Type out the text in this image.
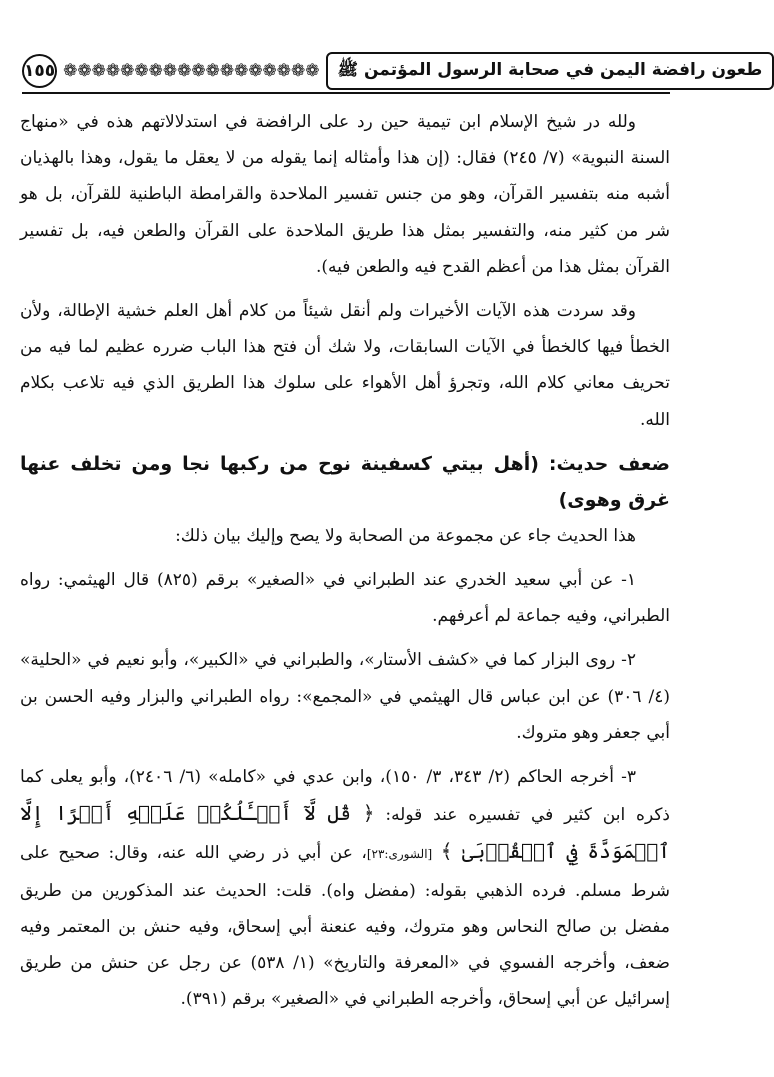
١٥٥ ❁❁❁❁❁❁❁❁❁❁❁❁❁❁❁❁❁❁	طعون رافضة اليمن في صحابة الرسول المؤتمن ﷺ

ولله در شيخ الإسلام ابن تيمية حين رد على الرافضة في استدلالاتهم هذه في «منهاج السنة النبوية» (٧/ ٢٤٥) فقال: (إن هذا وأمثاله إنما يقوله من لا يعقل ما يقول، وهذا بالهذيان أشبه منه بتفسير القرآن، وهو من جنس تفسير الملاحدة والقرامطة الباطنية للقرآن، بل هو شر من كثير منه، والتفسير بمثل هذا طريق الملاحدة على القرآن والطعن فيه، بل تفسير القرآن بمثل هذا من أعظم القدح فيه والطعن فيه).

وقد سردت هذه الآيات الأخيرات ولم أنقل شيئاً من كلام أهل العلم خشية الإطالة، ولأن الخطأ فيها كالخطأ في الآيات السابقات، ولا شك أن فتح هذا الباب ضرره عظيم لما فيه من تحريف معاني كلام الله، وتجرؤ أهل الأهواء على سلوك هذا الطريق الذي فيه تلاعب بكلام الله.

ضعف حديث: (أهل بيتي كسفينة نوح من ركبها نجا ومن تخلف عنها غرق وهوى)

هذا الحديث جاء عن مجموعة من الصحابة ولا يصح وإليك بيان ذلك:

١- عن أبي سعيد الخدري عند الطبراني في «الصغير» برقم (٨٢٥) قال الهيثمي: رواه الطبراني، وفيه جماعة لم أعرفهم.

٢- روى البزار كما في «كشف الأستار»، والطبراني في «الكبير»، وأبو نعيم في «الحلية» (٤/ ٣٠٦) عن ابن عباس قال الهيثمي في «المجمع»: رواه الطبراني والبزار وفيه الحسن بن أبي جعفر وهو متروك.

٣- أخرجه الحاكم (٢/ ٣٤٣، ٣/ ١٥٠)، وابن عدي في «كامله» (٦/ ٢٤٠٦)، وأبو يعلى كما ذكره ابن كثير في تفسيره عند قوله: ﴿ قُل لَّآ أَسۡـَٔلُكُمۡ عَلَيۡهِ أَجۡرًا إِلَّا ٱلۡمَوَدَّةَ فِي ٱلۡقُرۡبَىٰ ﴾ [الشورى:٢٣]، عن أبي ذر رضي الله عنه، وقال: صحيح على شرط مسلم. فرده الذهبي بقوله: (مفضل واه). قلت: الحديث عند المذكورين من طريق مفضل بن صالح النحاس وهو متروك، وفيه عنعنة أبي إسحاق، وفيه حنش بن المعتمر وفيه ضعف، وأخرجه الفسوي في «المعرفة والتاريخ» (١/ ٥٣٨) عن رجل عن حنش من طريق إسرائيل عن أبي إسحاق، وأخرجه الطبراني في «الصغير» برقم (٣٩١).
